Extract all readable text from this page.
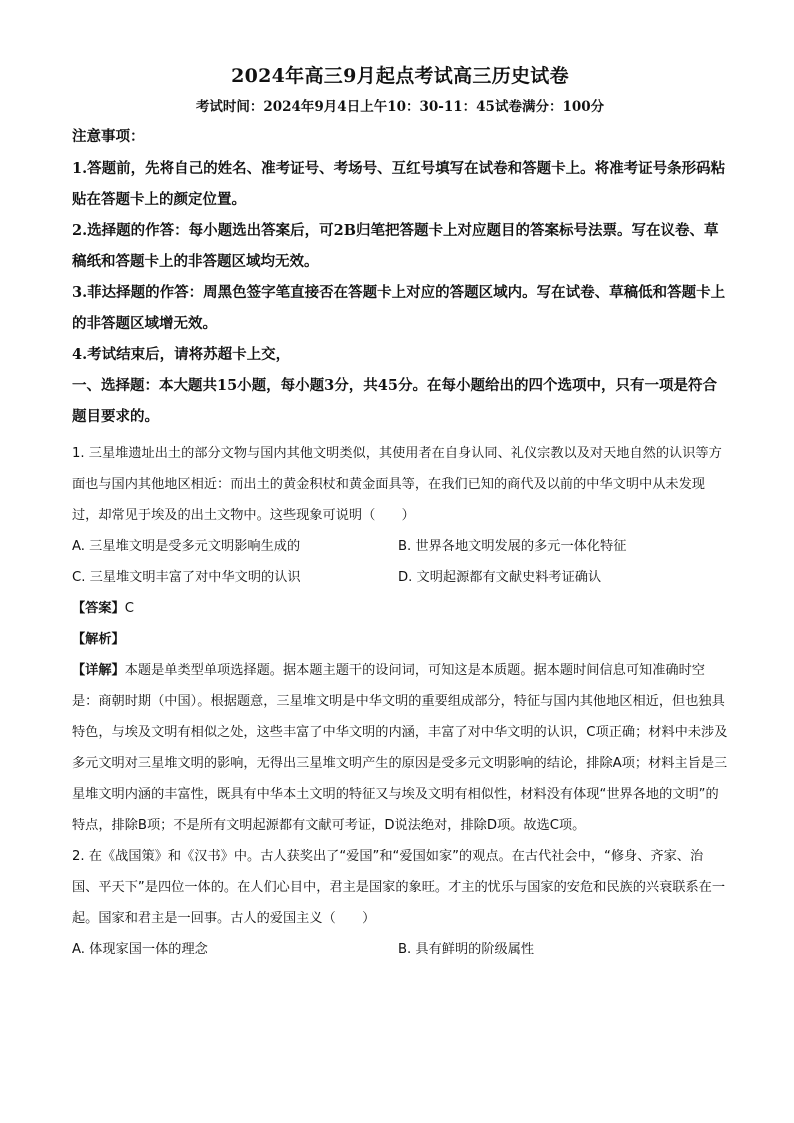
2024年高三9月起点考试高三历史试卷
考试时间：2024年9月4日上午10：30-11：45试卷满分：100分
注意事项：

1.答题前，先将自己的姓名、准考证号、考场号、互红号填写在试卷和答题卡上。将准考证号条形码粘贴在答题卡上的颜定位置。

2.选择题的作答：每小题选出答案后，可2B归笔把答题卡上对应题目的答案标号法票。写在议卷、草稿纸和答题卡上的非答题区域均无效。

3.菲达择题的作答：周黑色签字笔直接否在答题卡上对应的答题区域内。写在试卷、草稿低和答题卡上的非答题区域增无效。

4.考试结束后，请将苏超卡上交，

一、选择题：本大题共15小题，每小题3分，共45分。在每小题给出的四个选项中，只有一项是符合题目要求的。

1. 三星堆遗址出土的部分文物与国内其他文明类似，其使用者在自身认同、礼仪宗教以及对天地自然的认识等方面也与国内其他地区相近：而出土的黄金积杖和黄金面具等，在我们已知的商代及以前的中华文明中从未发现过，却常见于埃及的出土文物中。这些现象可说明（　　）

A. 三星堆文明是受多元文明影响生成的	B. 世界各地文明发展的多元一体化特征
C. 三星堆文明丰富了对中华文明的认识	D. 文明起源都有文献史料考证确认

【答案】C

【解析】

【详解】本题是单类型单项选择题。据本题主题干的设问词，可知这是本质题。据本题时间信息可知准确时空是：商朝时期（中国）。根据题意，三星堆文明是中华文明的重要组成部分，特征与国内其他地区相近，但也独具特色，与埃及文明有相似之处，这些丰富了中华文明的内涵，丰富了对中华文明的认识，C项正确；材料中未涉及多元文明对三星堆文明的影响，无得出三星堆文明产生的原因是受多元文明影响的结论，排除A项；材料主旨是三星堆文明内涵的丰富性，既具有中华本土文明的特征又与埃及文明有相似性，材料没有体现“世界各地的文明”的特点，排除B项；不是所有文明起源都有文献可考证，D说法绝对，排除D项。故选C项。

2. 在《战国策》和《汉书》中。古人获奖出了“爱国”和“爱国如家”的观点。在古代社会中，“修身、齐家、治国、平天下”是四位一体的。在人们心目中，君主是国家的象旺。才主的忧乐与国家的安危和民族的兴衰联系在一起。国家和君主是一回事。古人的爱国主义（　　）

A. 体现家国一体的理念	B. 具有鲜明的阶级属性
